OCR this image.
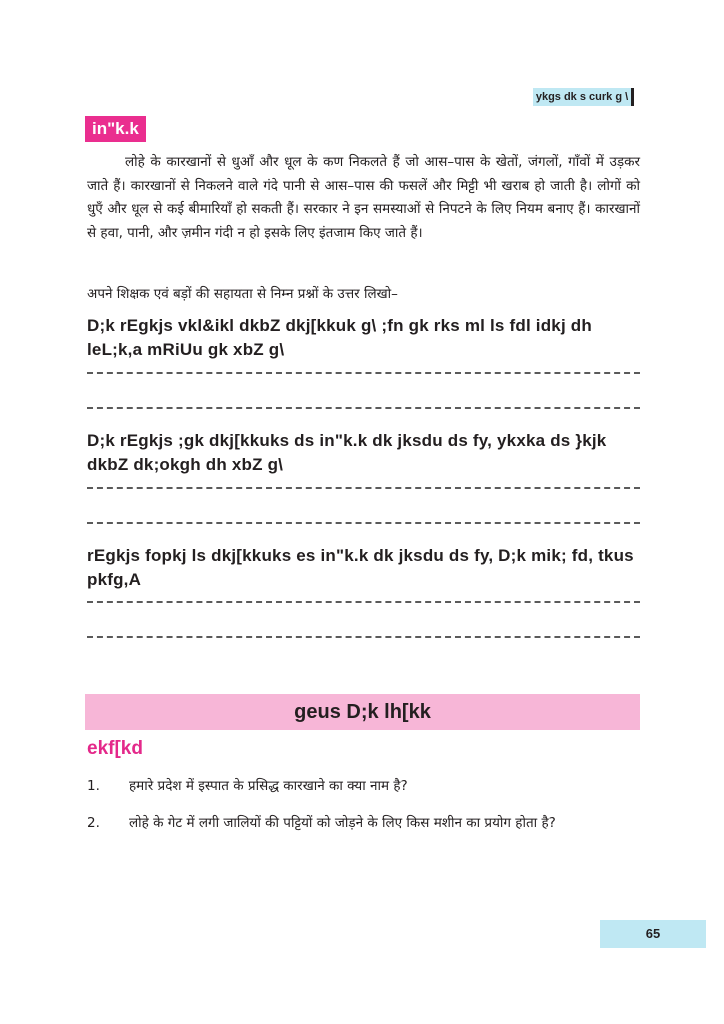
ykgs dk s curk g \
in"k.k
लोहे के कारखानों से धुआँ और धूल के कण निकलते हैं जो आस–पास के खेतों, जंगलों, गाँवों में उड़कर जाते हैं। कारखानों से निकलने वाले गंदे पानी से आस–पास की फसलें और मिट्टी भी खराब हो जाती है। लोगों को धुएँ और धूल से कई बीमारियाँ हो सकती हैं। सरकार ने इन समस्याओं से निपटने के लिए नियम बनाए हैं। कारखानों से हवा, पानी, और ज़मीन गंदी न हो इसके लिए इंतजाम किए जाते हैं।
अपने शिक्षक एवं बड़ों की सहायता से निम्न प्रश्नों के उत्तर लिखो–
D;k rEgkjs vkl&ikl dkbZ dkj[kkuk g\ ;fn gk rks ml ls fdl idkj dh leL;k,a mRiUu gk xbZ g\
D;k rEgkjs ;gk dkj[kkuks ds in"k.k dk jksdu ds fy, ykxka ds }kjk dkbZ dk;okgh dh xbZ g\
rEgkjs fopkj ls dkj[kkuks es in"k.k dk jksdu ds fy, D;k mik; fd, tkus pkfg,A
geus D;k lh[kk
ekf[kd
1.	हमारे प्रदेश में इस्पात के प्रसिद्ध कारखाने का क्या नाम है?
2.	लोहे के गेट में लगी जालियों की पट्टियों को जोड़ने के लिए किस मशीन का प्रयोग होता है?
65
